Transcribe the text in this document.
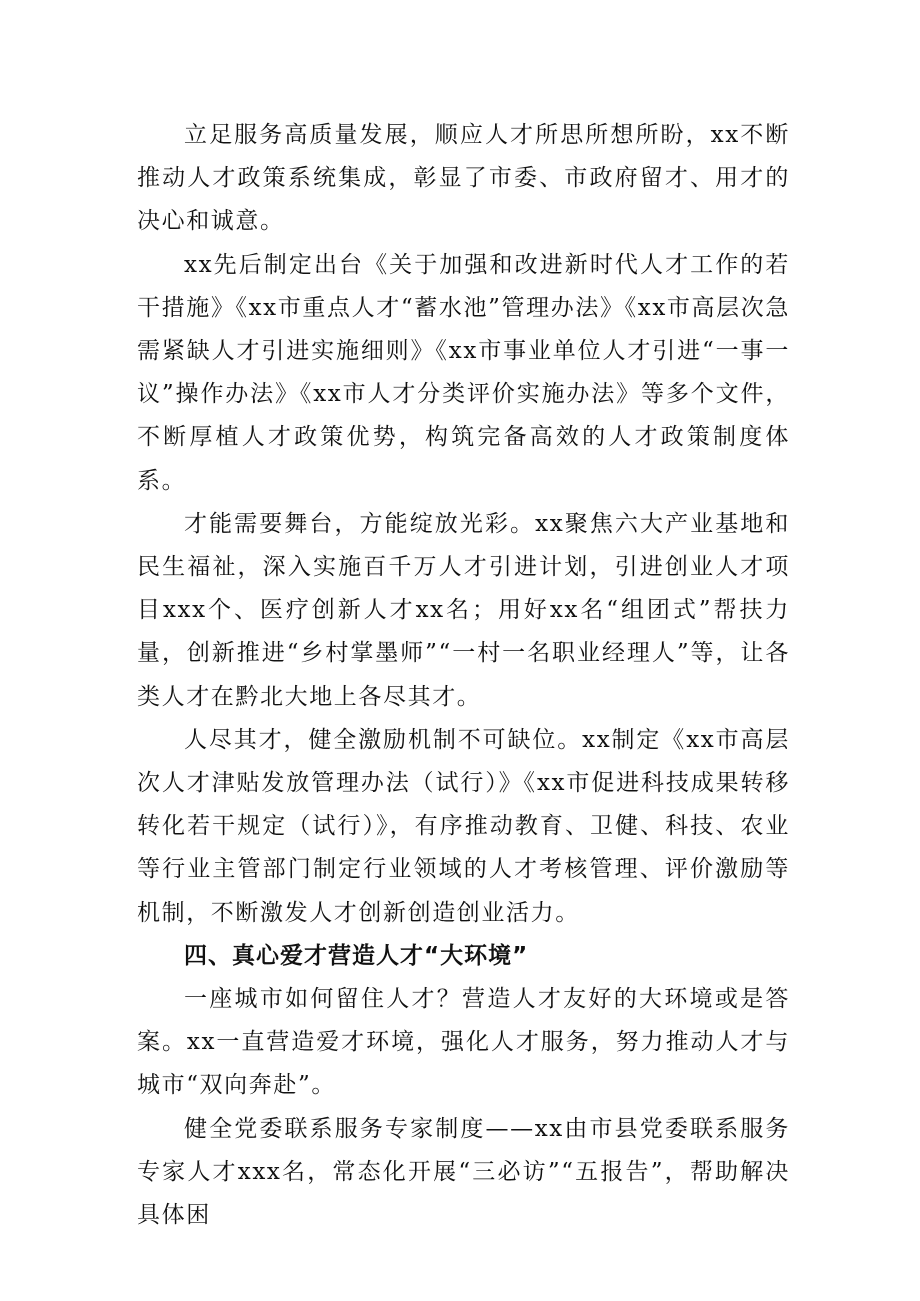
立足服务高质量发展，顺应人才所思所想所盼，xx不断推动人才政策系统集成，彰显了市委、市政府留才、用才的决心和诚意。

xx先后制定出台《关于加强和改进新时代人才工作的若干措施》《xx市重点人才“蓄水池”管理办法》《xx市高层次急需紧缺人才引进实施细则》《xx市事业单位人才引进“一事一议”操作办法》《xx市人才分类评价实施办法》等多个文件，不断厚植人才政策优势，构筑完备高效的人才政策制度体系。

才能需要舞台，方能绽放光彩。xx聚焦六大产业基地和民生福祉，深入实施百千万人才引进计划，引进创业人才项目xxx个、医疗创新人才xx名；用好xx名“组团式”帮扶力量，创新推进“乡村掌墨师”“一村一名职业经理人”等，让各类人才在黔北大地上各尽其才。

人尽其才，健全激励机制不可缺位。xx制定《xx市高层次人才津贴发放管理办法（试行）》《xx市促进科技成果转移转化若干规定（试行）》，有序推动教育、卫健、科技、农业等行业主管部门制定行业领域的人才考核管理、评价激励等机制，不断激发人才创新创造创业活力。

四、真心爱才营造人才“大环境”

一座城市如何留住人才？营造人才友好的大环境或是答案。xx一直营造爱才环境，强化人才服务，努力推动人才与城市“双向奔赴”。

健全党委联系服务专家制度——xx由市县党委联系服务专家人才xxx名，常态化开展“三必访”“五报告”，帮助解决具体困
